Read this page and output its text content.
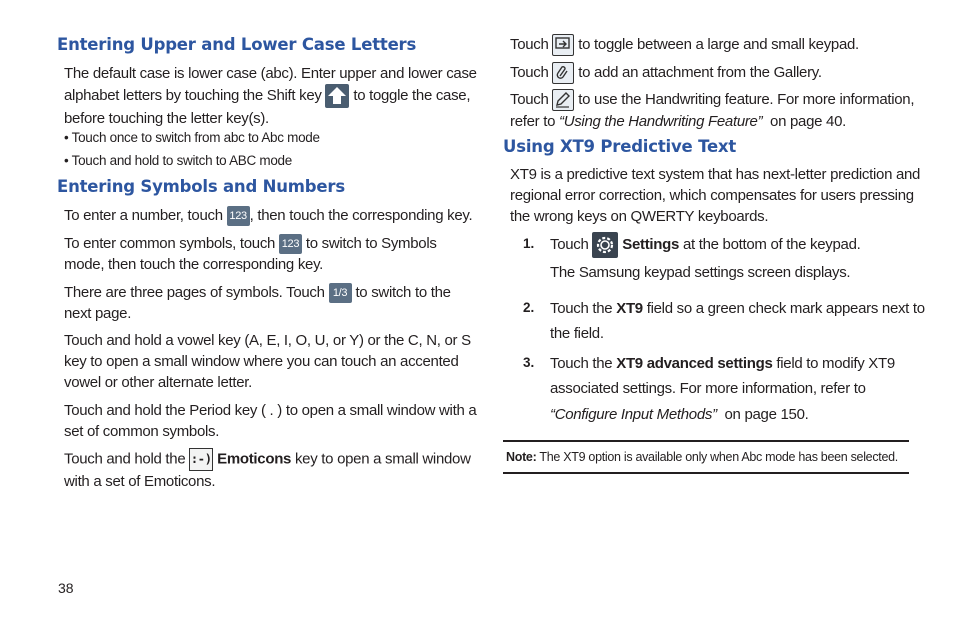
Entering Upper and Lower Case Letters
The default case is lower case (abc). Enter upper and lower case
alphabet letters by touching the Shift key to toggle the case,
before touching the letter key(s).
• Touch once to switch from abc to Abc mode
• Touch and hold to switch to ABC mode
Entering Symbols and Numbers
To enter a number, touch 123 , then touch the corresponding key.
To enter common symbols, touch 123 to switch to Symbols
mode, then touch the corresponding key.
There are three pages of symbols. Touch 1/3 to switch to the
next page.
Touch and hold a vowel key (A, E, I, O, U, or Y) or the C, N, or S
key to open a small window where you can touch an accented
vowel or other alternate letter.
Touch and hold the Period key ( . ) to open a small window with a
set of common symbols.
Touch and hold the :-) Emoticons key to open a small window
with a set of Emoticons.
Touch to toggle between a large and small keypad.
Touch to add an attachment from the Gallery.
Touch to use the Handwriting feature. For more information,
refer to “Using the Handwriting Feature” on page 40.
Using XT9 Predictive Text
XT9 is a predictive text system that has next-letter prediction and
regional error correction, which compensates for users pressing
the wrong keys on QWERTY keyboards.
1. Touch Settings at the bottom of the keypad.
The Samsung keypad settings screen displays.
2. Touch the XT9 field so a green check mark appears next to
the field.
3. Touch the XT9 advanced settings field to modify XT9
associated settings. For more information, refer to
“Configure Input Methods” on page 150.
Note: The XT9 option is available only when Abc mode has been selected.
38
